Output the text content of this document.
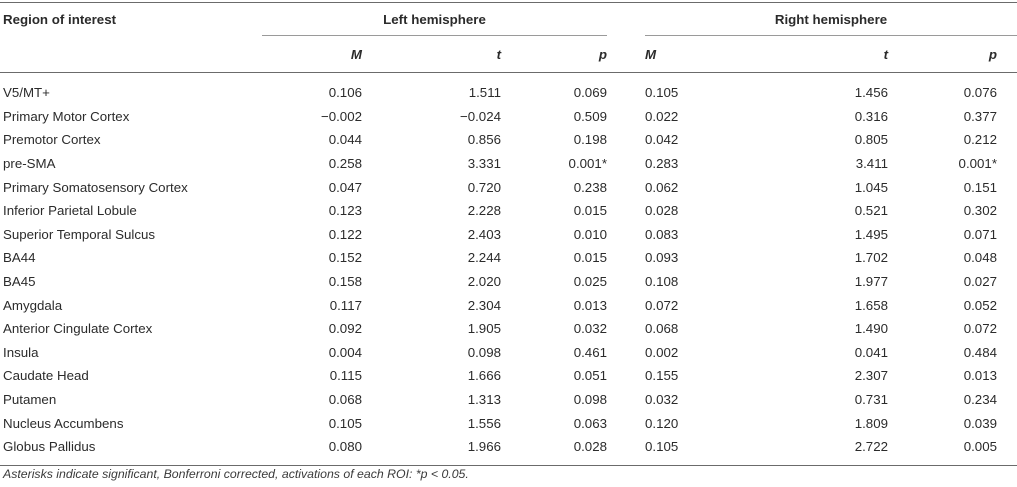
Region of interest	Left hemisphere				Right hemisphere		
	M	t	p		M	t	p
V5/MT+	0.106	1.511	0.069		0.105	1.456	0.076
Primary Motor Cortex	−0.002	−0.024	0.509		0.022	0.316	0.377
Premotor Cortex	0.044	0.856	0.198		0.042	0.805	0.212
pre-SMA	0.258	3.331	0.001*		0.283	3.411	0.001*
Primary Somatosensory Cortex	0.047	0.720	0.238		0.062	1.045	0.151
Inferior Parietal Lobule	0.123	2.228	0.015		0.028	0.521	0.302
Superior Temporal Sulcus	0.122	2.403	0.010		0.083	1.495	0.071
BA44	0.152	2.244	0.015		0.093	1.702	0.048
BA45	0.158	2.020	0.025		0.108	1.977	0.027
Amygdala	0.117	2.304	0.013		0.072	1.658	0.052
Anterior Cingulate Cortex	0.092	1.905	0.032		0.068	1.490	0.072
Insula	0.004	0.098	0.461		0.002	0.041	0.484
Caudate Head	0.115	1.666	0.051		0.155	2.307	0.013
Putamen	0.068	1.313	0.098		0.032	0.731	0.234
Nucleus Accumbens	0.105	1.556	0.063		0.120	1.809	0.039
Globus Pallidus	0.080	1.966	0.028		0.105	2.722	0.005
Asterisks indicate significant, Bonferroni corrected, activations of each ROI: *p < 0.05.
